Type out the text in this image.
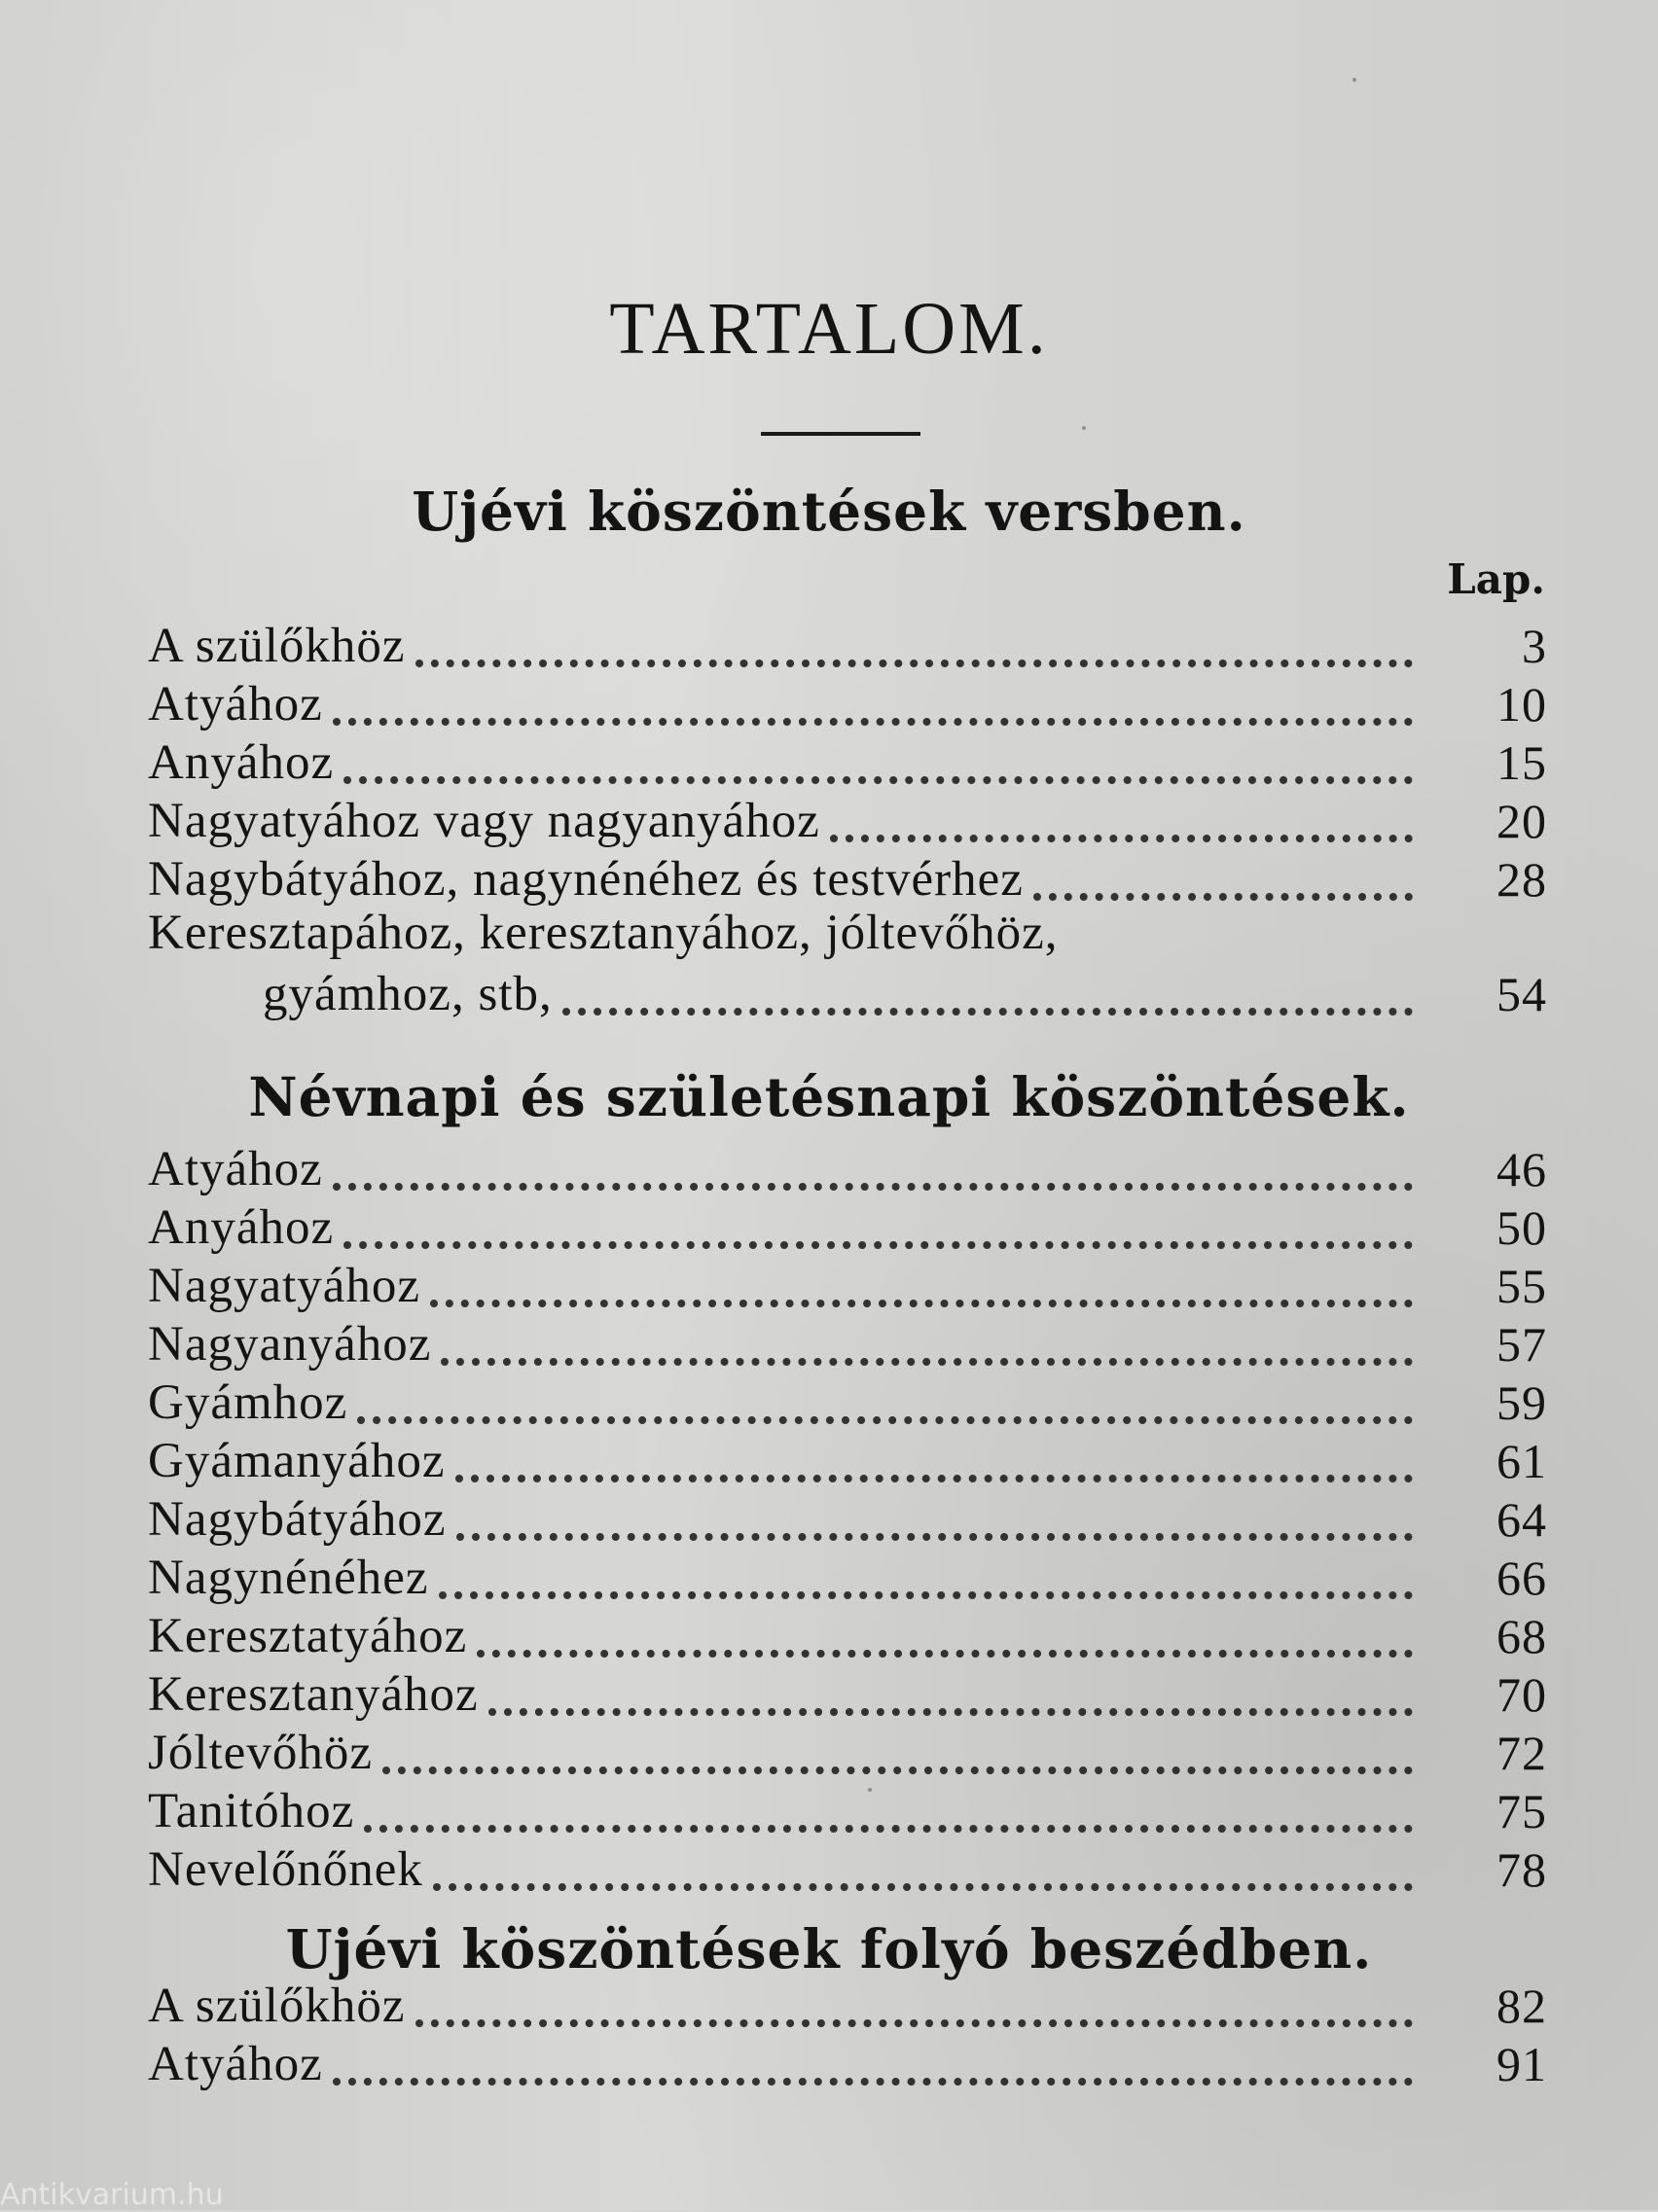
TARTALOM.
Ujévi köszöntések versben.
Lap.
A szülőkhöz	3
Atyához	10
Anyához	15
Nagyatyához vagy nagyanyához	20
Nagybátyához, nagynénéhez és testvérhez	28
Keresztapához, keresztanyához, jóltevőhöz,
gyámhoz, stb,	54
Névnapi és születésnapi köszöntések.
Atyához	46
Anyához	50
Nagyatyához	55
Nagyanyához	57
Gyámhoz	59
Gyámanyához	61
Nagybátyához	64
Nagynénéhez	66
Keresztatyához	68
Keresztanyához	70
Jóltevőhöz	72
Tanitóhoz	75
Nevelőnőnek	78
Ujévi köszöntések folyó beszédben.
A szülőkhöz	82
Atyához	91
Antikvarium.hu
